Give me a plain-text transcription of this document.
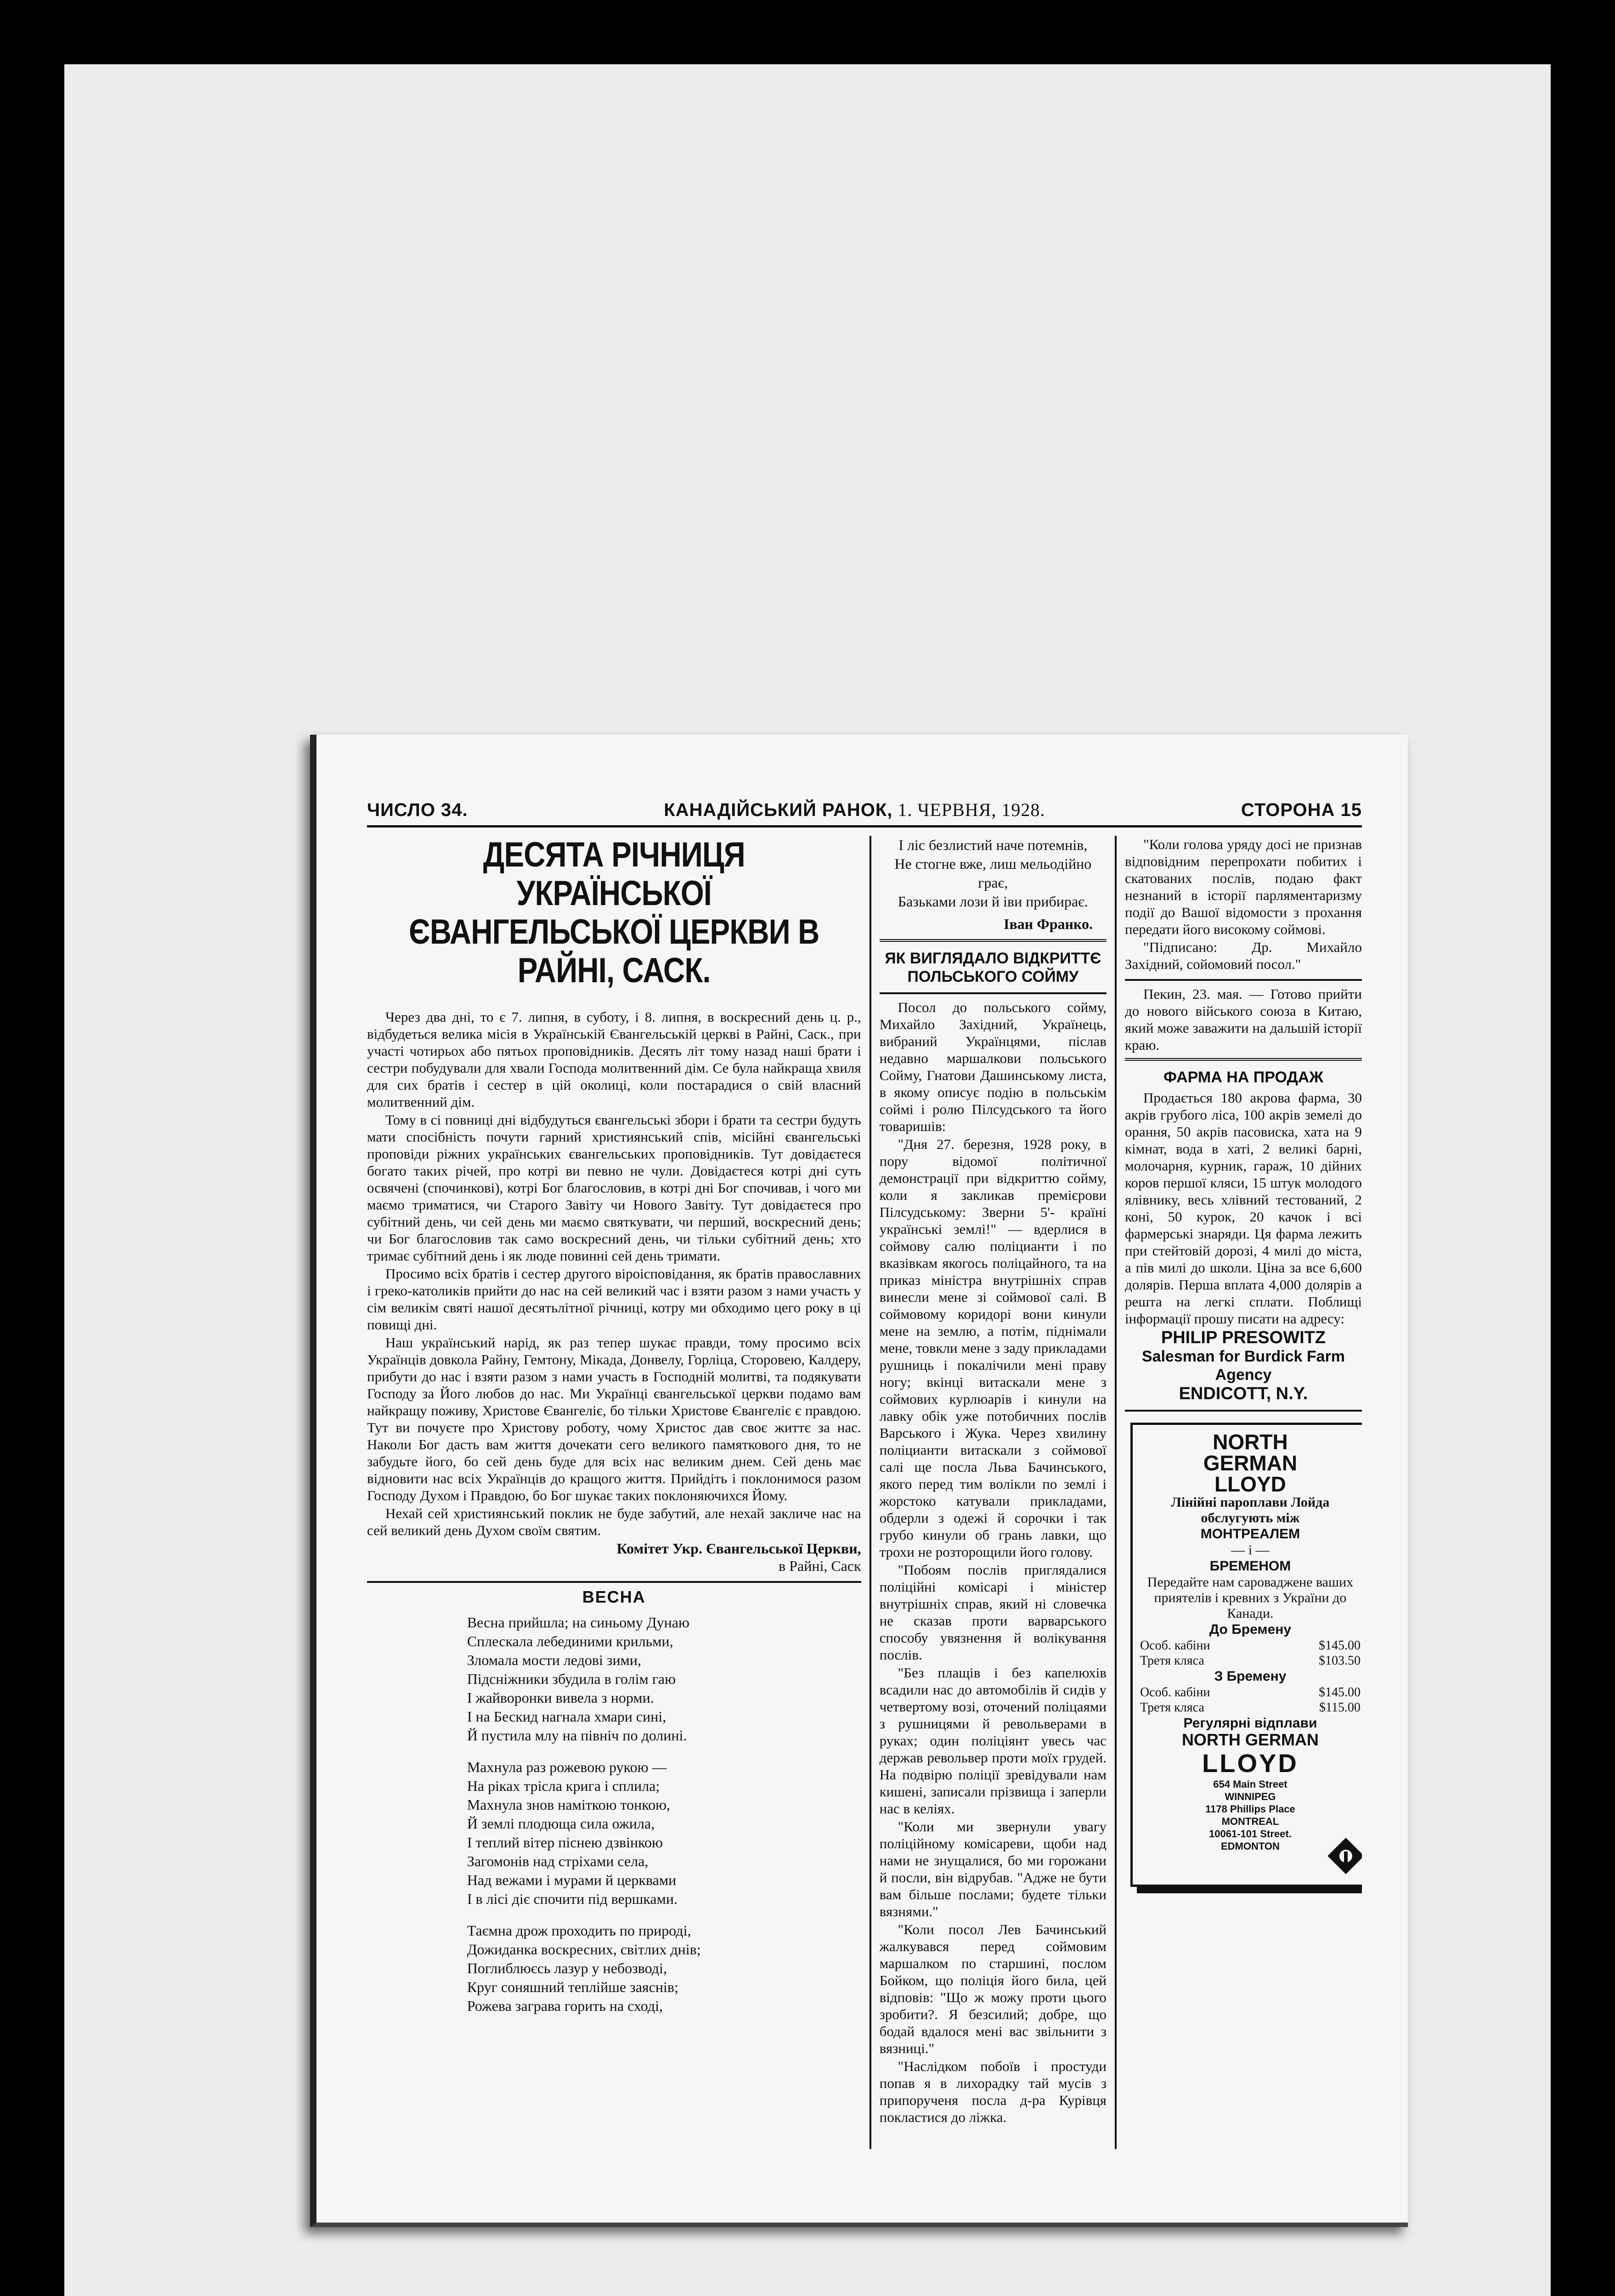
ЧИСЛО 34.	КАНАДІЙСЬКИЙ РАНОК, 1. ЧЕРВНЯ, 1928.	СТОРОНА 15
ДЕСЯТА РІЧНИЦЯ УКРАЇНСЬКОЇ ЄВАНГЕЛЬСЬКОЇ ЦЕРКВИ В РАЙНІ, САСК.

Через два дні, то є 7. липня, в суботу, і 8. липня, в воскресний день ц. р., відбудеться велика місія в Українській Євангельській церкві в Райні, Саск., при участі чотирьох або пятьох проповідників. Десять літ тому назад наші брати і сестри побудували для хвали Господа молитвенний дім. Се була найкраща хвиля для сих братів і сестер в цій околиці, коли постарадися о свій власний молитвенний дім.

Тому в сі повниці дні відбудуться євангельські збори і брати та сестри будуть мати спосібність почути гарний християнський спів, місійні євангельські проповіди ріжних українських євангельських проповідників. Тут довідаєтеся богато таких річей, про котрі ви певно не чули. Довідаєтеся котрі дні суть освячені (спочинкові), котрі Бог благословив, в котрі дні Бог спочивав, і чого ми маємо триматися, чи Старого Завіту чи Нового Завіту. Тут довідаєтеся про субітний день, чи сей день ми маємо святкувати, чи перший, воскресний день; чи Бог благословив так само воскресний день, чи тільки субітний день; хто тримає субітний день і як люде повинні сей день тримати.

Просимо всіх братів і сестер другого віроісповідання, як братів православних і греко-католиків прийти до нас на сей великий час і взяти разом з нами участь у сім великім святі нашої десятьлітної річниці, котру ми обходимо цего року в ці повищі дні.

Наш український нарід, як раз тепер шукає правди, тому просимо всіх Українців довкола Райну, Гемтону, Мікада, Донвелу, Горліца, Сторовею, Калдеру, прибути до нас і взяти разом з нами участь в Господній молитві, та подякувати Господу за Його любов до нас. Ми Українці євангельської церкви подамо вам найкращу поживу, Христове Євангеліє, бо тільки Христове Євангеліє є правдою. Тут ви почуєте про Христову роботу, чому Христос дав своє життє за нас. Наколи Бог дасть вам життя дочекати сего великого памяткового дня, то не забудьте його, бо сей день буде для всіх нас великим днем. Сей день має відновити нас всіх Українців до кращого життя. Прийдіть і поклонимося разом Господу Духом і Правдою, бо Бог шукає таких поклоняючихся Йому.

Нехай сей християнський поклик не буде забутий, але нехай закличе нас на сей великий день Духом своїм святим.

Комітет Укр. Євангельської Церкви,
в Райні, Саск
ВЕСНА
Весна прийшла; на синьому Дунаю
Сплескала лебединими крильми,
Зломала мости ледові зими,
Підсніжники збудила в голім гаю
І жайворонки вивела з норми.
І на Бескид нагнала хмари сині,
Й пустила млу на північ по долині.
Махнула раз рожевою рукою —
На ріках тріслa крига і сплила;
Махнула знов наміткою тонкою,
Й землі плодюща сила ожила,
І теплий вітер піснею дзвінкою
Загомонів над стріхами села,
Над вежами і мурами й церквами
І в лісі діє спочити під вершками.
Таємна дрож проходить по природі,
Дожиданка воскресних, світлих днів;
Поглиблюєсь лазур у небозводі,
Круг соняшний теплійше заяснів;
Рожева заграва горить на сході,
І ліс безлистий наче потемнів,
Не стогне вже, лиш мельодійно грає,
Базьками лози й іви прибирає.
Іван Франко.
ЯК ВИГЛЯДАЛО ВІДКРИТТЄ ПОЛЬСЬКОГО СОЙМУ

Посол до польського сойму, Михайло Західний, Українець, вибраний Українцями, післав недавно маршалкови польського Сойму, Гнатови Дашинському листа, в якому описує подію в польськім соймі і ролю Пілсудського та його товаришів:

"Дня 27. березня, 1928 року, в пору відомої політичної демонстрації при відкриттю сойму, коли я закликав премієрови Пілсудському: Зверни 5'- країні українські землі!" — вдерлися в соймову салю поліцианти і по вказівкам якогось поліцайного, та на приказ міністра внутрішніх справ винесли мене зі соймової салі. В соймовому коридорі вони кинули мене на землю, а потім, піднімали мене, товкли мене з заду прикладами рушниць і покалічили мені праву ногу; вкінці витаскали мене з соймових курлюарів і кинули на лавку обік уже потобичних послів Варського і Жука. Через хвилину поліцианти витаскали з соймової салі ще посла Льва Бачинського, якого перед тим волікли по землі і жорстоко катували прикладами, обдерли з одежі й сорочки і так грубо кинули об грань лавки, що трохи не розторощили його голову.

"Побоям послів приглядалися поліційні комісарі і міністер внутрішніх справ, який ні словечка не сказав проти варварського способу увязнення й волікування послів.

"Без плащів і без капелюхів всадили нас до автомобілів й сидів у четвертому возі, оточений поліцаями з рушницями й револьверами в руках; один поліціянт увесь час держав револьвер проти моїх грудей. На подвірю поліції зревідували нам кишені, записали прізвища і заперли нас в келіях.

"Коли ми звернули увагу поліційному комісареви, щоби над нами не знущалися, бо ми горожани й посли, він відрубав. "Аджe не бути вам більше послами; будете тільки вязнями."

"Коли посол Лев Бачинський жалкувався перед соймовим маршалком по старшині, послом Бойком, що поліція його била, цей відповів: "Що ж можу проти цього зробити?. Я безсилий; добре, що бодай вдалося мені вас звільнити з вязниці."

"Наслідком побоїв і простуди попав я в лихорадку тай мусів з припорученя посла д-ра Курівця покластися до ліжка.

"Коли голова уряду досі не признав відповідним перепрохати побитих і скатованих послів, подаю факт незнаний в історії парляментаризму події до Вашої відомости з прохання передати його високому соймові.

"Підписано: Др. Михайло Західний, сойомовий посол."

Пекин, 23. мая. — Готово прийти до нового війського союза в Китаю, який може заважити на дальшій історії краю.

ФАРМА НА ПРОДАЖ

Продається 180 акрова фарма, 30 акрів грубого ліса, 100 акрів земелі до орання, 50 акрів пасовиска, хата на 9 кімнат, вода в хаті, 2 великі барні, молочарня, курник, гараж, 10 дійних коров першої кляси, 15 штук молодого ялівнику, весь хлівний тестований, 2 коні, 50 курок, 20 качок і всі фармерські знаряди. Ця фарма лежить при стейтовій дорозі, 4 милі до міста, а пів милі до школи. Ціна за все 6,600 долярів. Перша вплата 4,000 долярів а решта на легкі сплати. Поблищі інформації прошу писати на адресу:

PHILIP PRESOWITZ
Salesman for Burdick Farm
Agency
ENDICOTT, N.Y.
NORTH
GERMAN
LLOYD
Лінійні пароплави Лойда обслугують між
МОНТРЕАЛЕМ
— і —
БРЕМЕНОМ
Передайте нам сароваджене ваших приятелів і кревних з України до Канади.
До Бремену
Особ. кабіни	$145.00
Третя кляса	$103.50
З Бремену
Особ. кабіни	$145.00
Третя кляса	$115.00
Регулярні відплави
NORTH GERMAN
LLOYD
654 Main Street
WINNIPEG
1178 Phillips Place
MONTREAL
10061-101 Street.
EDMONTON
